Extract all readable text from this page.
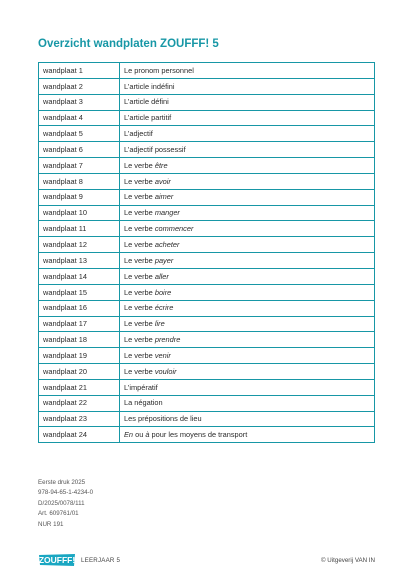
Overzicht wandplaten ZOUFFF! 5
wandplaat 1	Le pronom personnel
wandplaat 2	L’article indéfini
wandplaat 3	L’article défini
wandplaat 4	L’article partitif
wandplaat 5	L’adjectif
wandplaat 6	L’adjectif possessif
wandplaat 7	Le verbe être
wandplaat 8	Le verbe avoir
wandplaat 9	Le verbe aimer
wandplaat 10	Le verbe manger
wandplaat 11	Le verbe commencer
wandplaat 12	Le verbe acheter
wandplaat 13	Le verbe payer
wandplaat 14	Le verbe aller
wandplaat 15	Le verbe boire
wandplaat 16	Le verbe écrire
wandplaat 17	Le verbe lire
wandplaat 18	Le verbe prendre
wandplaat 19	Le verbe venir
wandplaat 20	Le verbe vouloir
wandplaat 21	L’impératif
wandplaat 22	La négation
wandplaat 23	Les prépositions de lieu
wandplaat 24	En ou à pour les moyens de transport
Eerste druk 2025
978-94-65-1-4234-0
D/2025/0078/111
Art. 609761/01
NUR 191
ZOUFFF! LEERJAAR 5	© Uitgeverij VAN IN
